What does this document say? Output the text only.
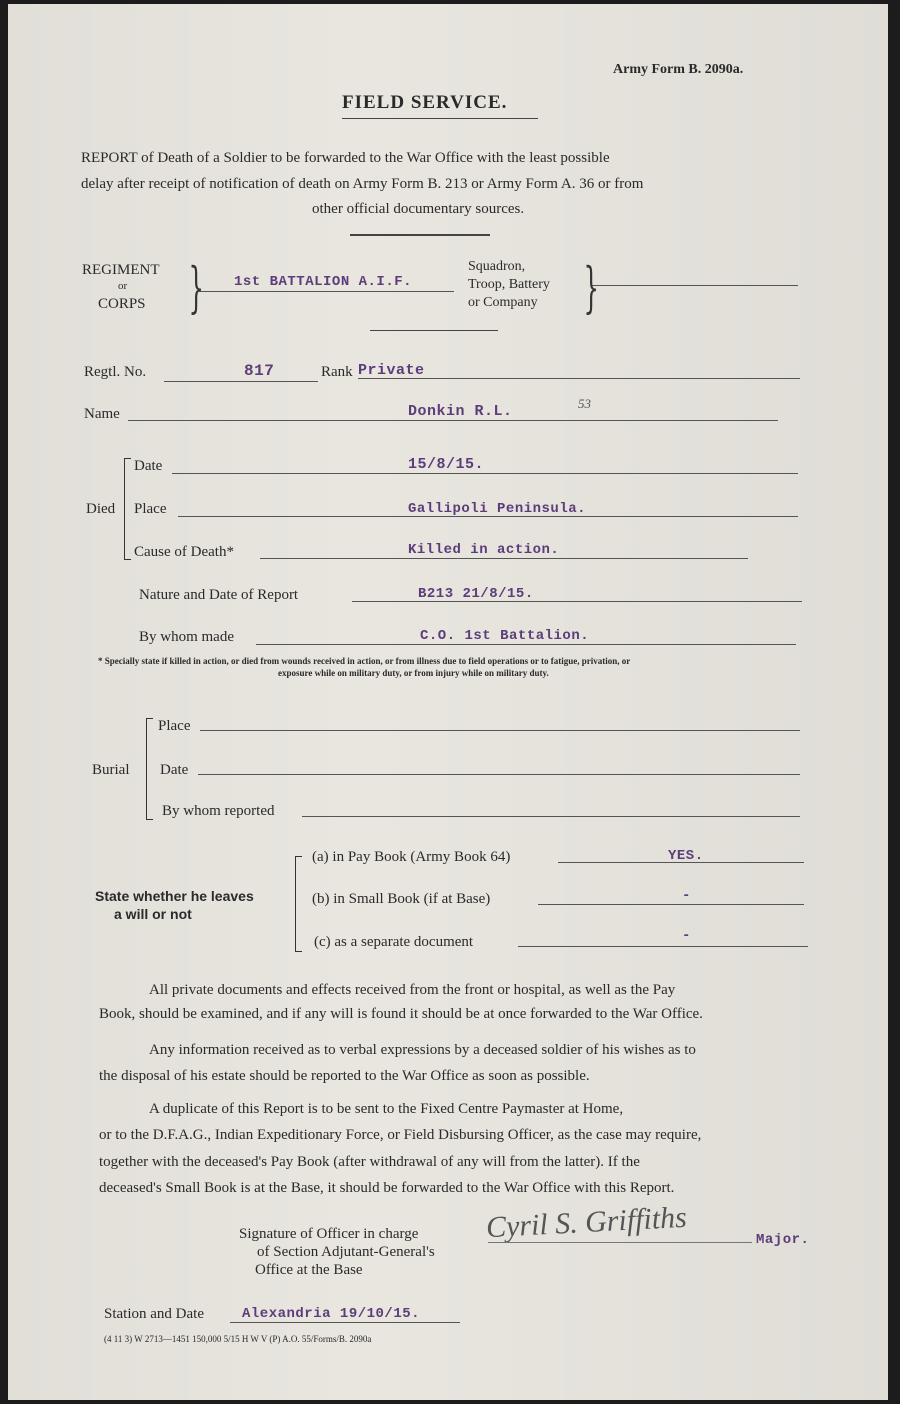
Army Form B. 2090a.
FIELD SERVICE.
REPORT of Death of a Soldier to be forwarded to the War Office with the least possible
delay after receipt of notification of death on Army Form B. 213 or Army Form A. 36 or from
other official documentary sources.
REGIMENT
or
CORPS } 1st BATTALION A.I.F.
Squadron,
Troop, Battery
or Company }
Regtl. No.	817	Rank Private
Name	Donkin R.L.	53
Died
Date	15/8/15.
Place	Gallipoli Peninsula.
Cause of Death*	Killed in action.
Nature and Date of Report	B213 21/8/15.
By whom made	C.O. 1st Battalion.
* Specially state if killed in action, or died from wounds received in action, or from illness due to field operations or to fatigue, privation, or
exposure while on military duty, or from injury while on military duty.
Burial
Place
Date
By whom reported
State whether he leaves
a will or not
(a) in Pay Book (Army Book 64)	YES.
(b) in Small Book (if at Base)	-
(c) as a separate document	-
All private documents and effects received from the front or hospital, as well as the Pay
Book, should be examined, and if any will is found it should be at once forwarded to the War Office.
Any information received as to verbal expressions by a deceased soldier of his wishes as to
the disposal of his estate should be reported to the War Office as soon as possible.
A duplicate of this Report is to be sent to the Fixed Centre Paymaster at Home,
or to the D.F.A.G., Indian Expeditionary Force, or Field Disbursing Officer, as the case may require,
together with the deceased's Pay Book (after withdrawal of any will from the latter). If the
deceased's Small Book is at the Base, it should be forwarded to the War Office with this Report.
Signature of Officer in charge
of Section Adjutant-General's
Office at the Base
Cyril S. Griffiths	Major.
Station and Date	Alexandria 19/10/15.
(4 11 3) W 2713—1451 150,000 5/15 H W V (P) A.O. 55/Forms/B. 2090a
